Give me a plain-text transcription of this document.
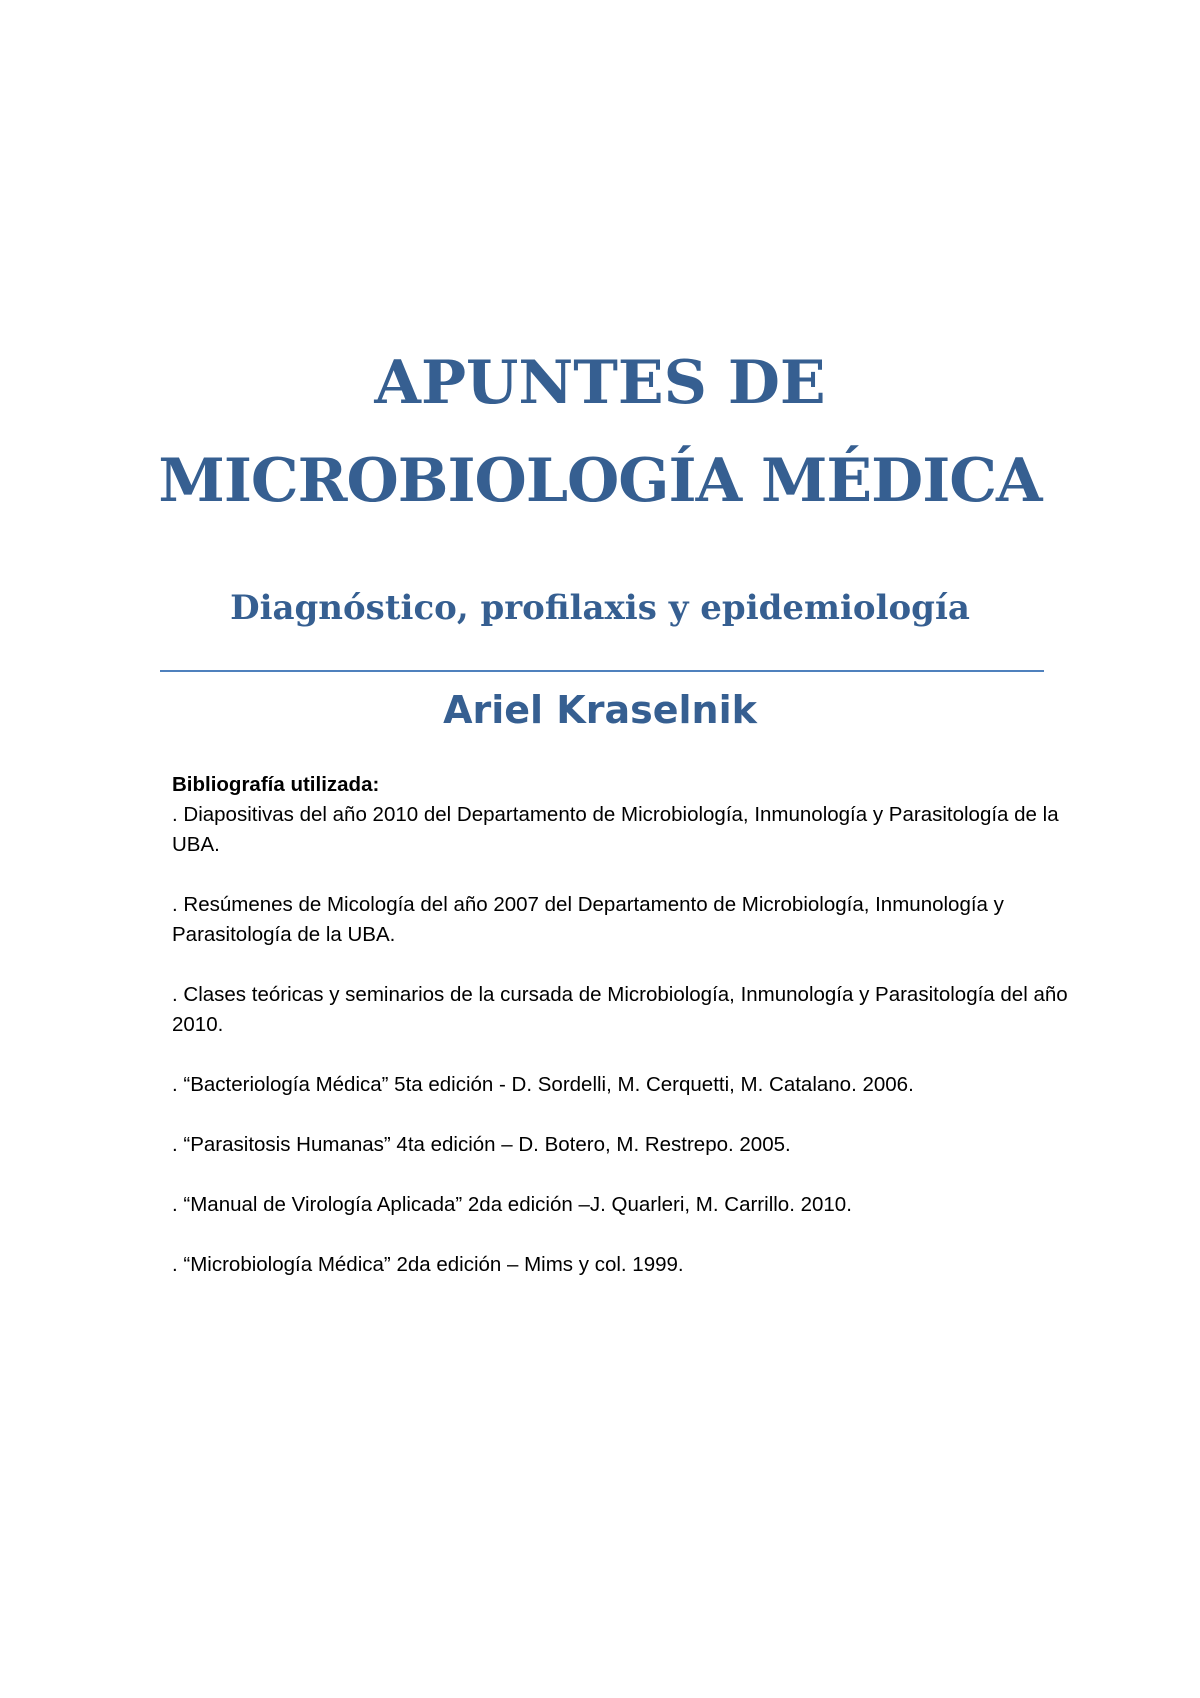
APUNTES DE
MICROBIOLOGÍA MÉDICA
Diagnóstico, profilaxis y epidemiología
Ariel Kraselnik

Bibliografía utilizada:

. Diapositivas del año 2010 del Departamento de Microbiología, Inmunología y Parasitología de la UBA.

. Resúmenes de Micología del año 2007 del Departamento de Microbiología, Inmunología y Parasitología de la UBA.

. Clases teóricas y seminarios de la cursada de Microbiología, Inmunología y Parasitología del año 2010.

. “Bacteriología Médica” 5ta edición - D. Sordelli, M. Cerquetti, M. Catalano. 2006.

. “Parasitosis Humanas” 4ta edición – D. Botero, M. Restrepo. 2005.

. “Manual de Virología Aplicada” 2da edición –J. Quarleri, M. Carrillo. 2010.

. “Microbiología Médica” 2da edición – Mims y col. 1999.
